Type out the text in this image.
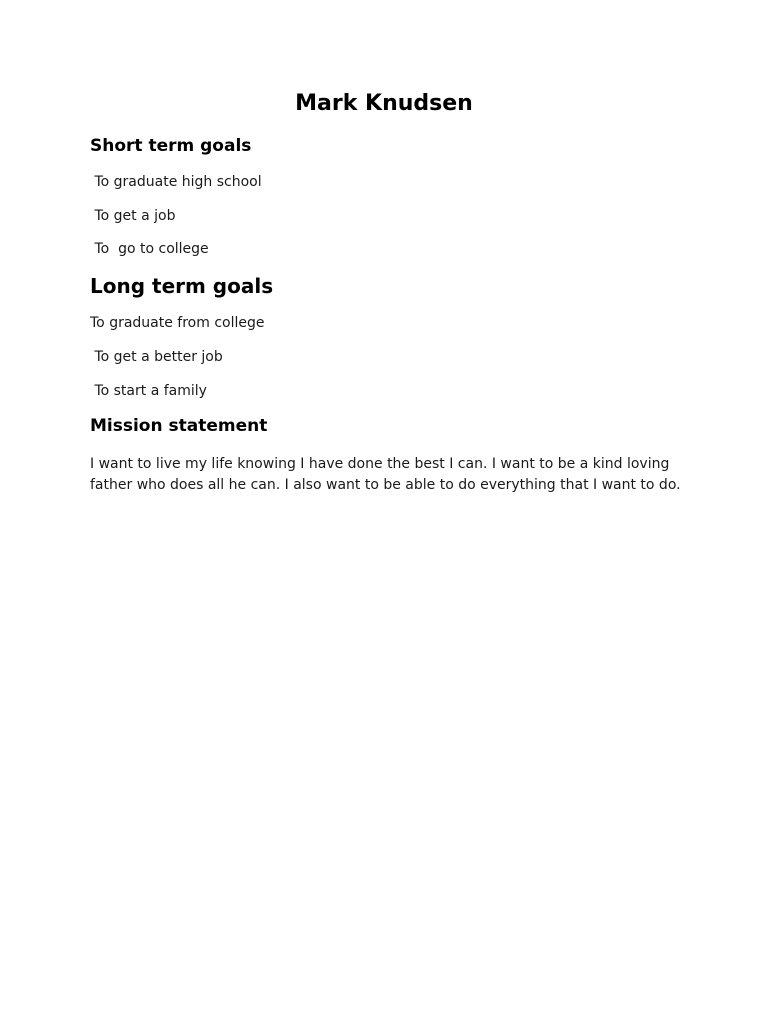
Mark Knudsen
Short term goals

To graduate high school

To get a job

To  go to college

Long term goals

To graduate from college

To get a better job

To start a family

Mission statement

I want to live my life knowing I have done the best I can. I want to be a kind loving father who does all he can. I also want to be able to do everything that I want to do.
